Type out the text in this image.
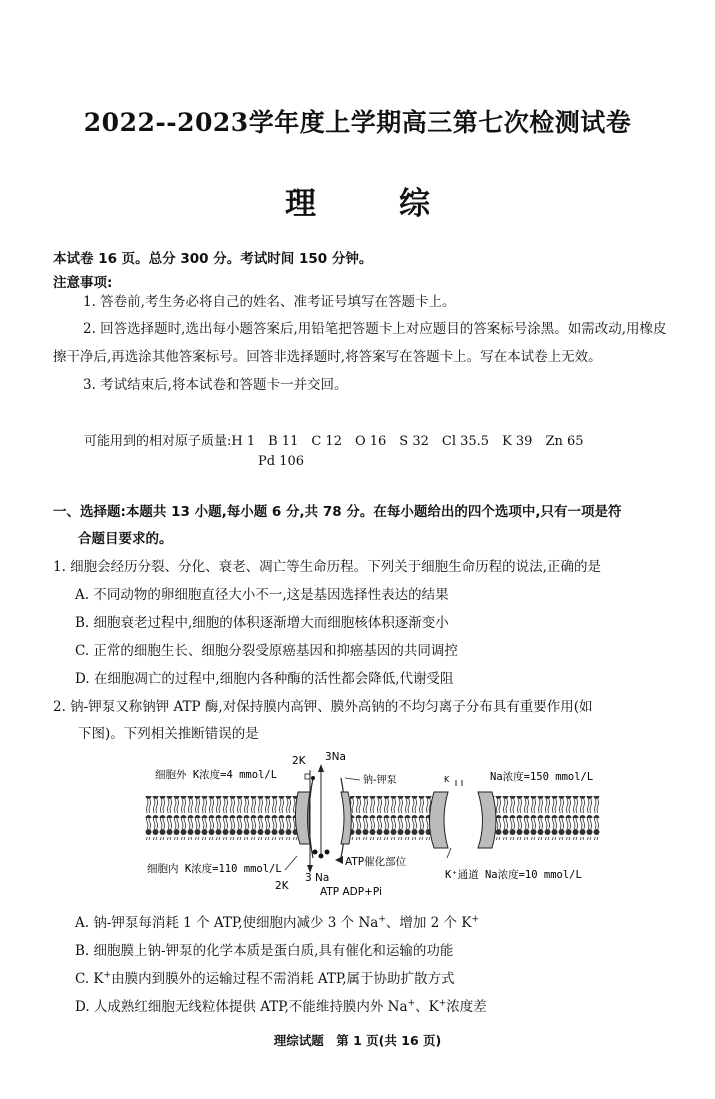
2022--2023学年度上学期高三第七次检测试卷
理　综
本试卷 16 页。总分 300 分。考试时间 150 分钟。
注意事项:
1. 答卷前,考生务必将自己的姓名、准考证号填写在答题卡上。
2. 回答选择题时,选出每小题答案后,用铅笔把答题卡上对应题目的答案标号涂黑。如需改动,用橡皮擦干净后,再选涂其他答案标号。回答非选择题时,将答案写在答题卡上。写在本试卷上无效。
3. 考试结束后,将本试卷和答题卡一并交回。
可能用到的相对原子质量:H 1　B 11　C 12　O 16　S 32　Cl 35.5　K 39　Zn 65
Pd 106
一、选择题:本题共 13 小题,每小题 6 分,共 78 分。在每小题给出的四个选项中,只有一项是符
合题目要求的。
1. 细胞会经历分裂、分化、衰老、凋亡等生命历程。下列关于细胞生命历程的说法,正确的是
A. 不同动物的卵细胞直径大小不一,这是基因选择性表达的结果
B. 细胞衰老过程中,细胞的体积逐渐增大而细胞核体积逐渐变小
C. 正常的细胞生长、细胞分裂受原癌基因和抑癌基因的共同调控
D. 在细胞凋亡的过程中,细胞内各种酶的活性都会降低,代谢受阻
2. 钠-钾泵又称钠钾 ATP 酶,对保持膜内高钾、膜外高钠的不均匀离子分布具有重要作用(如
下图)。下列相关推断错误的是
细胞外 K浓度=4 mmol/L
细胞内 K浓度=110 mmol/L
Na浓度=150 mmol/L
K⁺通道 Na浓度=10 mmol/L
钠-钾泵
ATP催化部位
2K 3Na
3 Na
2K	ATP ADP+Pi
K
A. 钠-钾泵每消耗 1 个 ATP,使细胞内减少 3 个 Na+、增加 2 个 K+
B. 细胞膜上钠-钾泵的化学本质是蛋白质,具有催化和运输的功能
C. K+由膜内到膜外的运输过程不需消耗 ATP,属于协助扩散方式
D. 人成熟红细胞无线粒体提供 ATP,不能维持膜内外 Na+、K+浓度差
理综试题　第 1 页(共 16 页)
